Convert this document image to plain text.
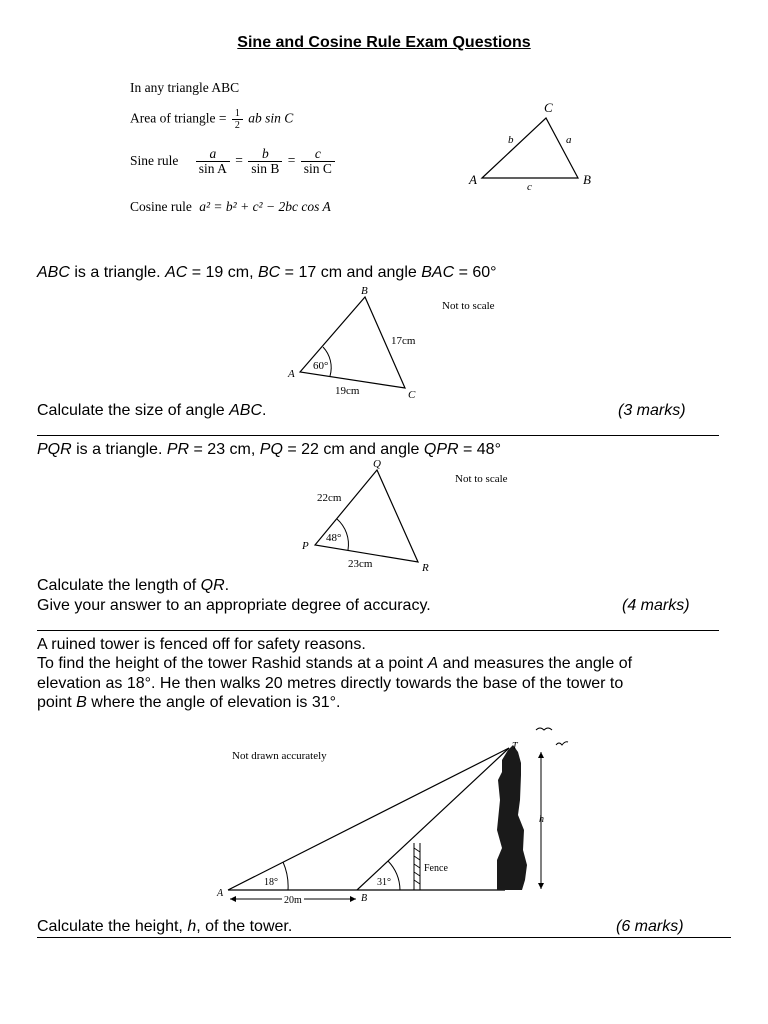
Sine and Cosine Rule Exam Questions
In any triangle ABC
Area of triangle = $\frac{1}{2}$ ab sin C
Sine rule $\frac{a}{\text{sin A}} = \frac{b}{\text{sin B}} = \frac{c}{\text{sin C}}$
Cosine rule a² = b² + c² − 2bc cos A
A
C
B
b	a
c
ABC is a triangle. AC = 19 cm, BC = 17 cm and angle BAC = 60°
60°
A
B
C
17cm
19cm
Not to scale
Calculate the size of angle ABC.	(3 marks)
PQR is a triangle. PR = 23 cm, PQ = 22 cm and angle QPR = 48°
48°
P
Q
R
22cm
23cm
Not to scale
Calculate the length of QR.
Give your answer to an appropriate degree of accuracy.	(4 marks)
A ruined tower is fenced off for safety reasons.
To find the height of the tower Rashid stands at a point A and measures the angle of
elevation as 18°. He then walks 20 metres directly towards the base of the tower to
point B where the angle of elevation is 31°.
Not drawn accurately
18°	31°
A	B
20m
Fence
T
h
Calculate the height, h, of the tower.	(6 marks)
